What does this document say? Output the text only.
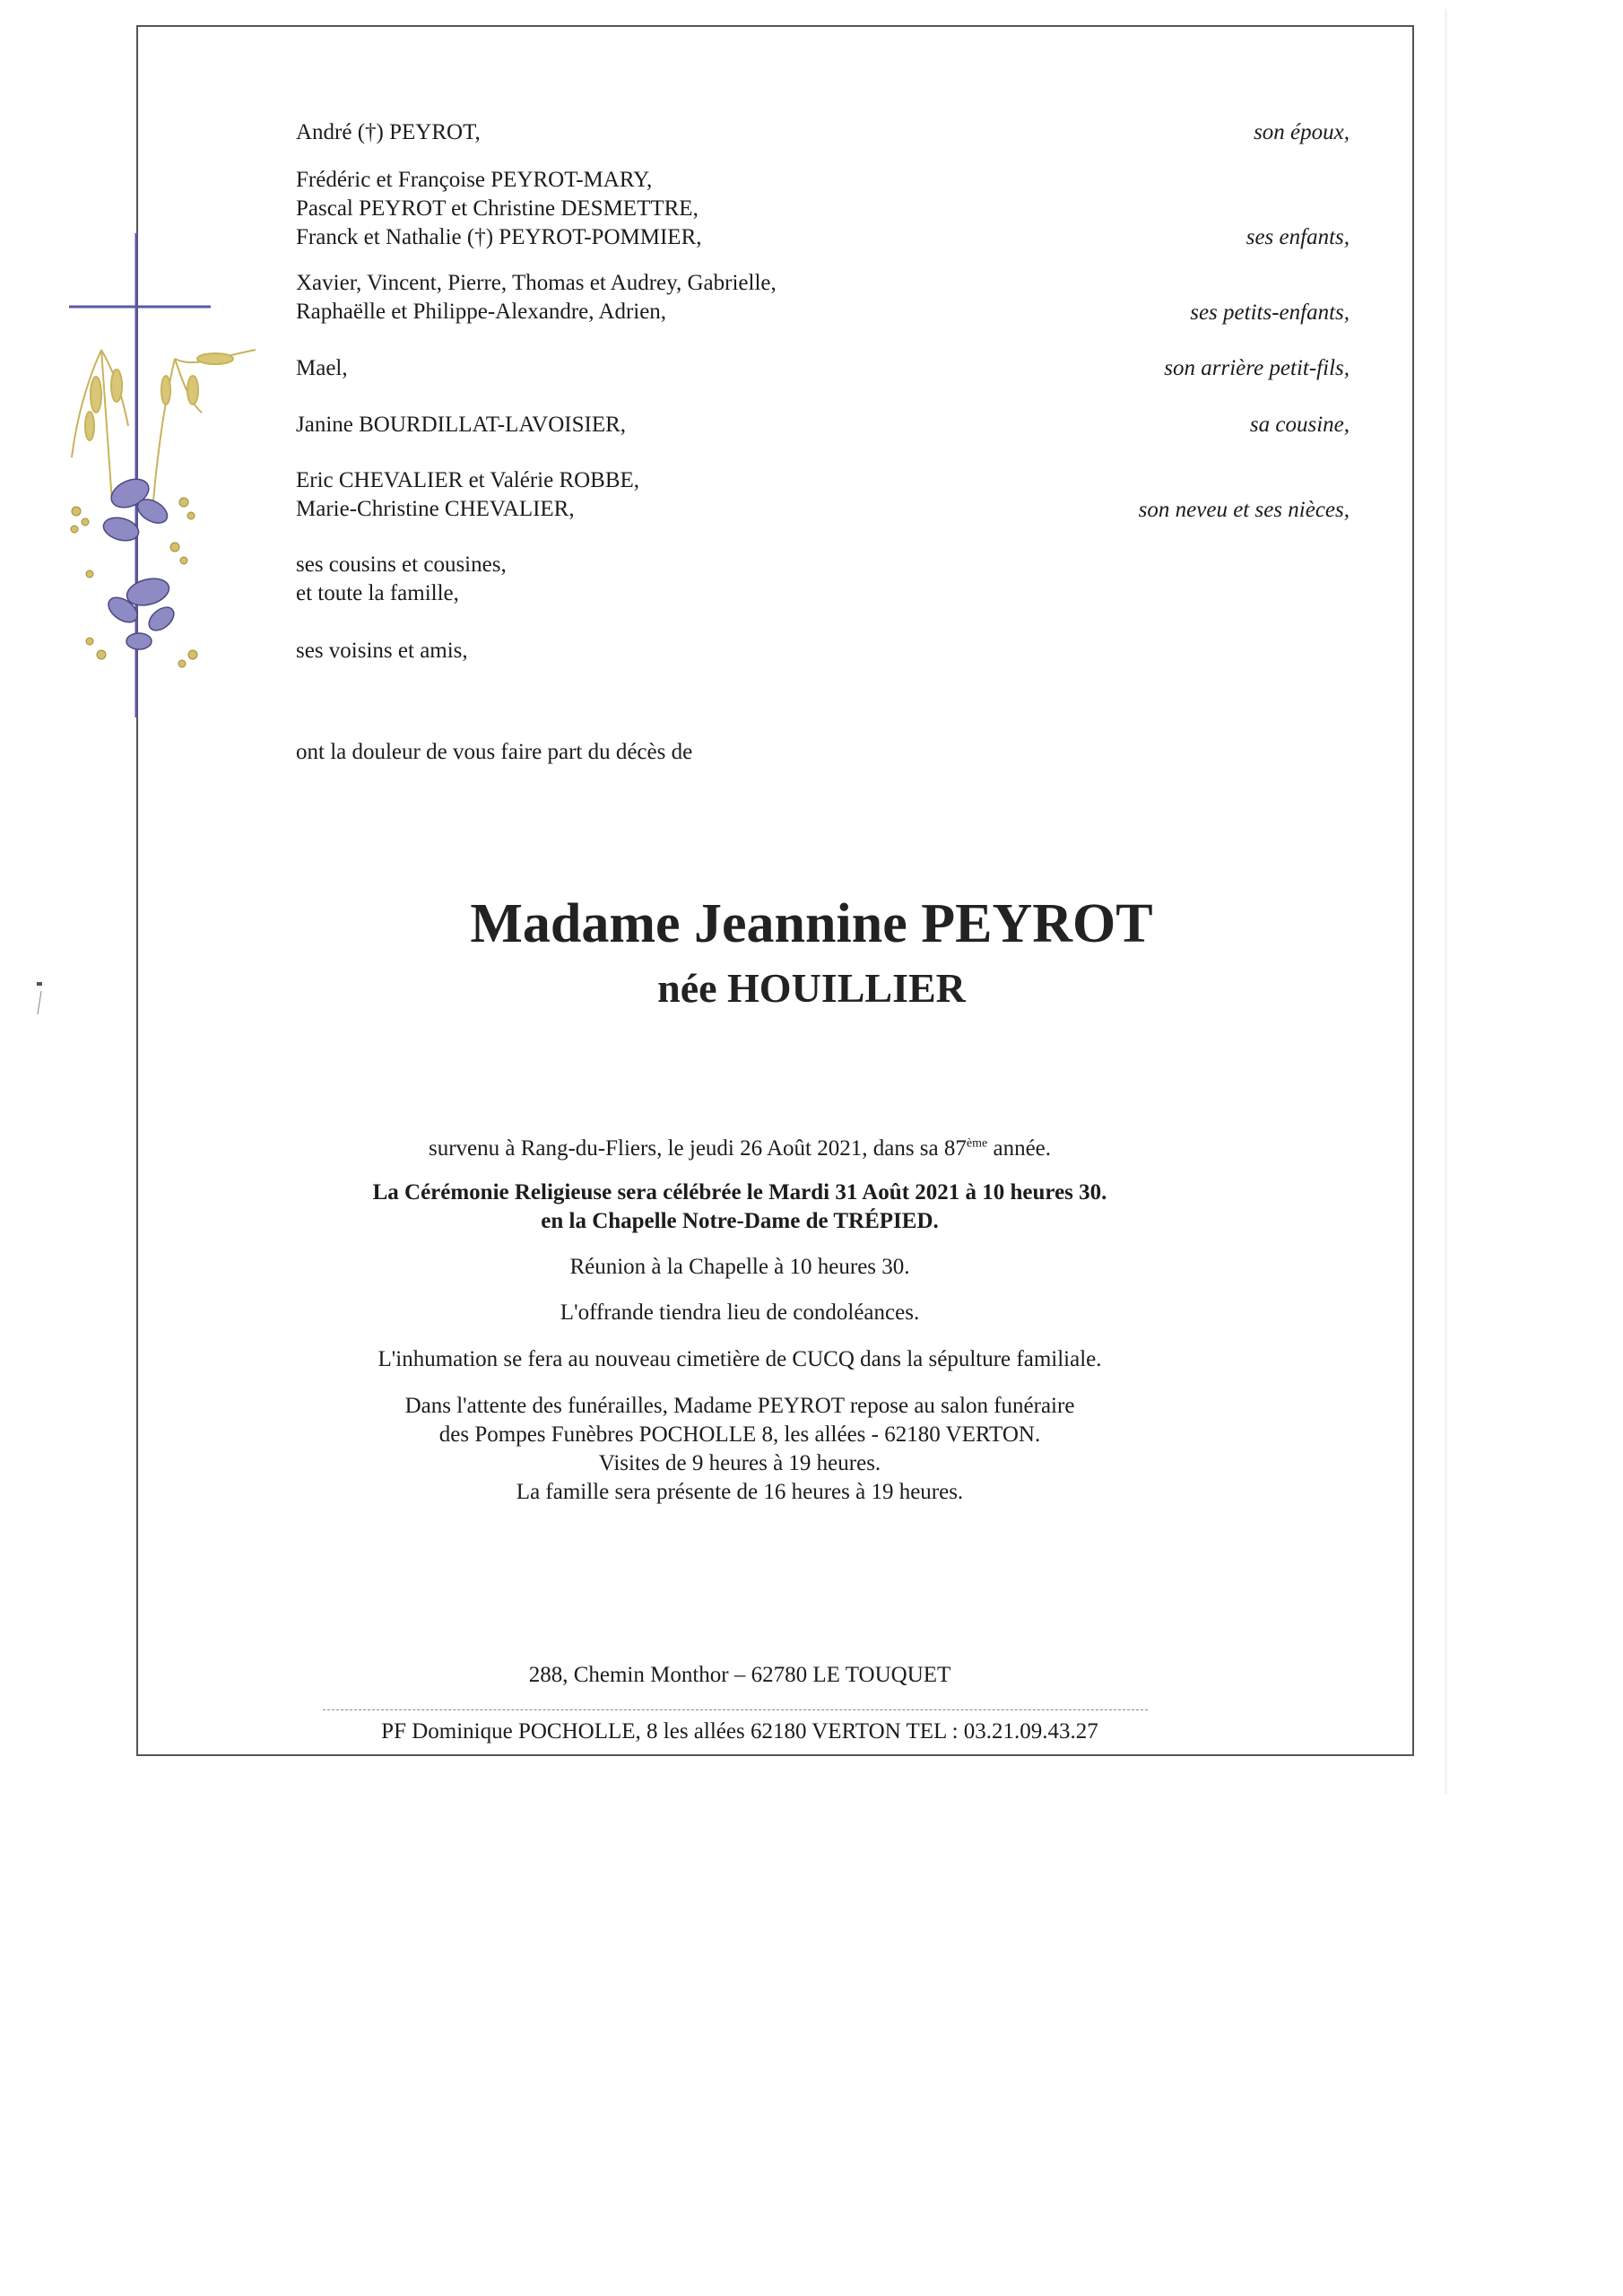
André (†) PEYROT,	son époux,
Frédéric et Françoise PEYROT-MARY,
Pascal PEYROT et Christine DESMETTRE,
Franck et Nathalie (†) PEYROT-POMMIER,	ses enfants,
Xavier, Vincent, Pierre, Thomas et Audrey, Gabrielle,
Raphaëlle et Philippe-Alexandre, Adrien,	ses petits-enfants,
Mael,	son arrière petit-fils,
Janine BOURDILLAT-LAVOISIER,	sa cousine,
Eric CHEVALIER et Valérie ROBBE,
Marie-Christine CHEVALIER,	son neveu et ses nièces,
ses cousins et cousines,
et toute la famille,
ses voisins et amis,
ont la douleur de vous faire part du décès de
Madame Jeannine PEYROT
née HOUILLIER
survenu à Rang-du-Fliers, le jeudi 26 Août 2021, dans sa 87ème année.
La Cérémonie Religieuse sera célébrée le Mardi 31 Août 2021 à 10 heures 30.
en la Chapelle Notre-Dame de TRÉPIED.
Réunion à la Chapelle à 10 heures 30.
L'offrande tiendra lieu de condoléances.
L'inhumation se fera au nouveau cimetière de CUCQ dans la sépulture familiale.
Dans l'attente des funérailles, Madame PEYROT repose au salon funéraire
des Pompes Funèbres POCHOLLE 8, les allées - 62180 VERTON.
Visites de 9 heures à 19 heures.
La famille sera présente de 16 heures à 19 heures.
288, Chemin Monthor – 62780 LE TOUQUET
PF Dominique POCHOLLE, 8 les allées 62180 VERTON TEL : 03.21.09.43.27
